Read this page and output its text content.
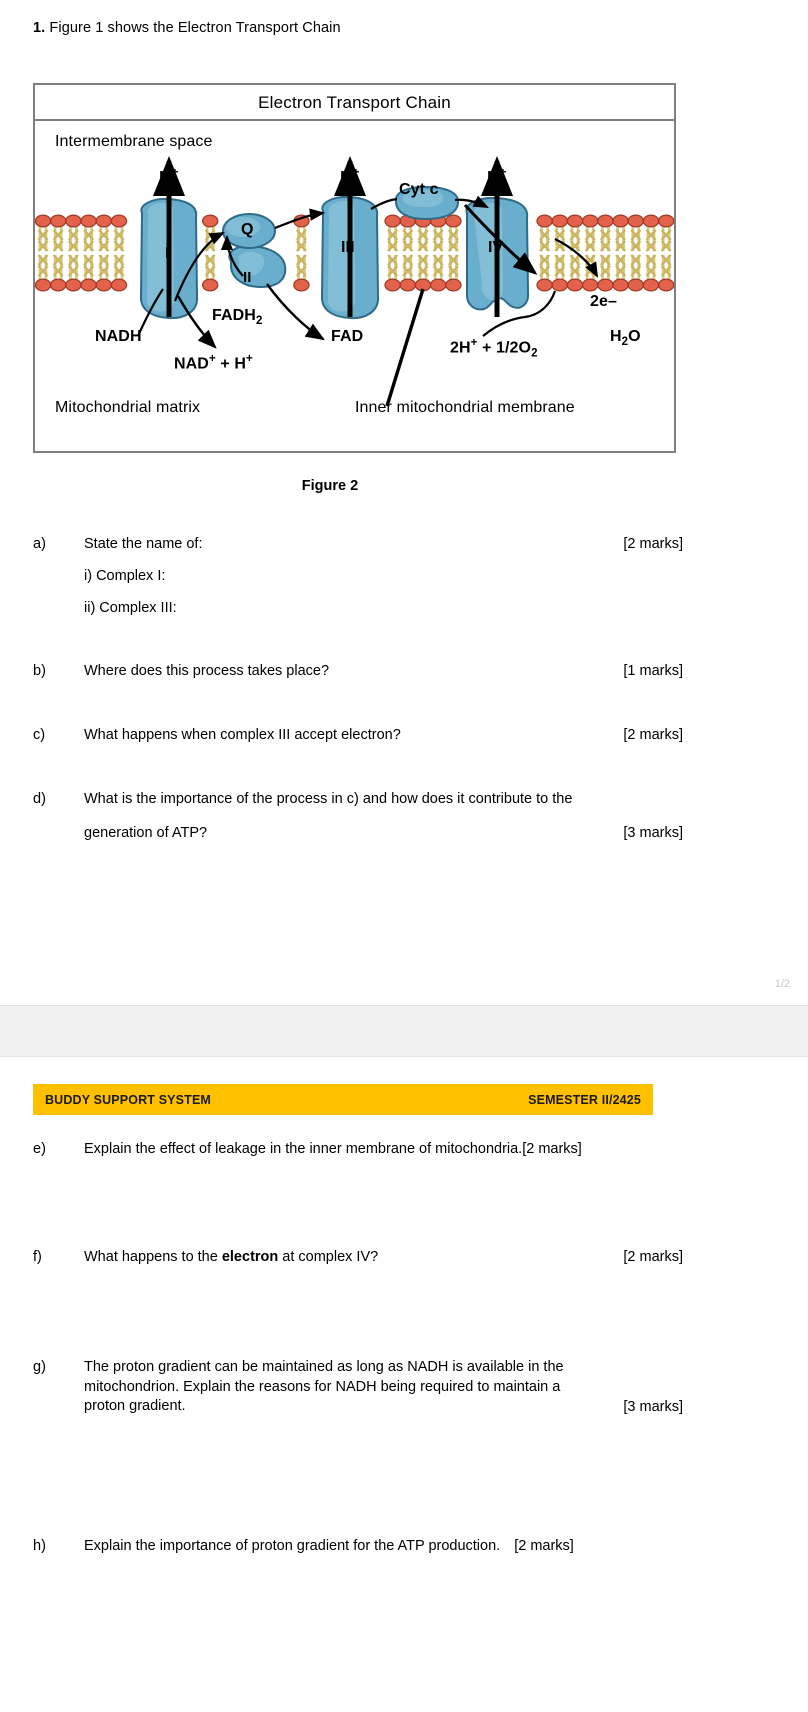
1. Figure 1 shows the Electron Transport Chain
Electron Transport Chain
Intermembrane space
H+	H+	H+
Cyt c
I
II
III	IV
Q
NADH
NAD+ + H+
$FADH_2$
FAD
$2H^+ + 1/2O_2$
2e–
$H_2O$
Mitochondrial matrix	Inner mitochondrial membrane
Figure 2
a)	State the name of:	[2 marks]
i) Complex I:
ii) Complex III:
b)	Where does this process takes place?	[1 marks]
c)	What happens when complex III accept electron?	[2 marks]
d)	What is the importance of the process in c) and how does it contribute to the
generation of ATP?	[3 marks]
1/2
BUDDY SUPPORT SYSTEM	SEMESTER II/2425
e)	Explain the effect of leakage in the inner membrane of mitochondria.[2 marks]
f)	What happens to the electron at complex IV?	[2 marks]
g)	The proton gradient can be maintained as long as NADH is available in the
mitochondrion. Explain the reasons for NADH being required to maintain a
proton gradient.	[3 marks]
h)	Explain the importance of proton gradient for the ATP production. [2 marks]
